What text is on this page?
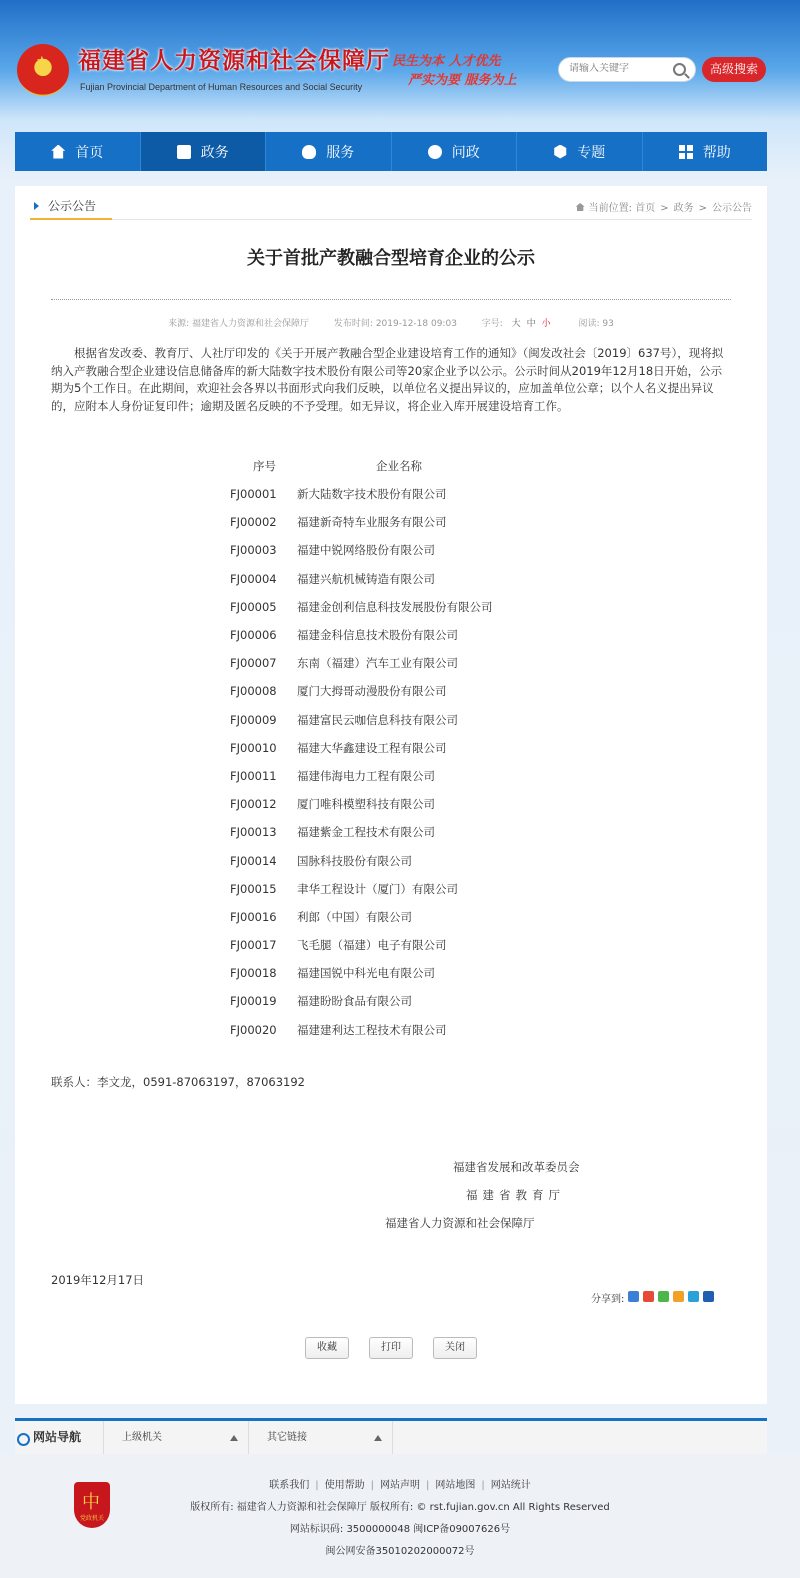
★ 福建省人力资源和社会保障厅
Fujian Provincial Department of Human Resources and Social Security
民生为本 人才优先
严实为要 服务为上
请输入关键字
高级搜索
首页	政务	服务	问政	专题	帮助
公示公告	当前位置: 首页 > 政务 > 公示公告
关于首批产教融合型培育企业的公示
来源: 福建省人力资源和社会保障厅	发布时间: 2019-12-18 09:03	字号: 大 中 小	阅读: 93

根据省发改委、教育厅、人社厅印发的《关于开展产教融合型企业建设培育工作的通知》（闽发改社会〔2019〕637号），现将拟纳入产教融合型企业建设信息储备库的新大陆数字技术股份有限公司等20家企业予以公示。公示时间从2019年12月18日开始，公示期为5个工作日。在此期间，欢迎社会各界以书面形式向我们反映，以单位名义提出异议的，应加盖单位公章；以个人名义提出异议的，应附本人身份证复印件；逾期及匿名反映的不予受理。如无异议，将企业入库开展建设培育工作。

序号	企业名称
FJ00001	新大陆数字技术股份有限公司
FJ00002	福建新奇特车业服务有限公司
FJ00003	福建中锐网络股份有限公司
FJ00004	福建兴航机械铸造有限公司
FJ00005	福建金创利信息科技发展股份有限公司
FJ00006	福建金科信息技术股份有限公司
FJ00007	东南（福建）汽车工业有限公司
FJ00008	厦门大拇哥动漫股份有限公司
FJ00009	福建富民云咖信息科技有限公司
FJ00010	福建大华鑫建设工程有限公司
FJ00011	福建伟海电力工程有限公司
FJ00012	厦门唯科模塑科技有限公司
FJ00013	福建紫金工程技术有限公司
FJ00014	国脉科技股份有限公司
FJ00015	聿华工程设计（厦门）有限公司
FJ00016	利郎（中国）有限公司
FJ00017	飞毛腿（福建）电子有限公司
FJ00018	福建国锐中科光电有限公司
FJ00019	福建盼盼食品有限公司
FJ00020	福建建利达工程技术有限公司
联系人：李文龙，0591-87063197，87063192
福建省发展和改革委员会
福建省教育厅
福建省人力资源和社会保障厅
2019年12月17日
分享到:
收藏	打印	关闭
网站导航	上级机关	其它链接
中
党政机关
联系我们 | 使用帮助 | 网站声明 | 网站地图 | 网站统计
版权所有: 福建省人力资源和社会保障厅 版权所有: © rst.fujian.gov.cn All Rights Reserved
网站标识码: 3500000048 闽ICP备09007626号
闽公网安备35010202000072号
